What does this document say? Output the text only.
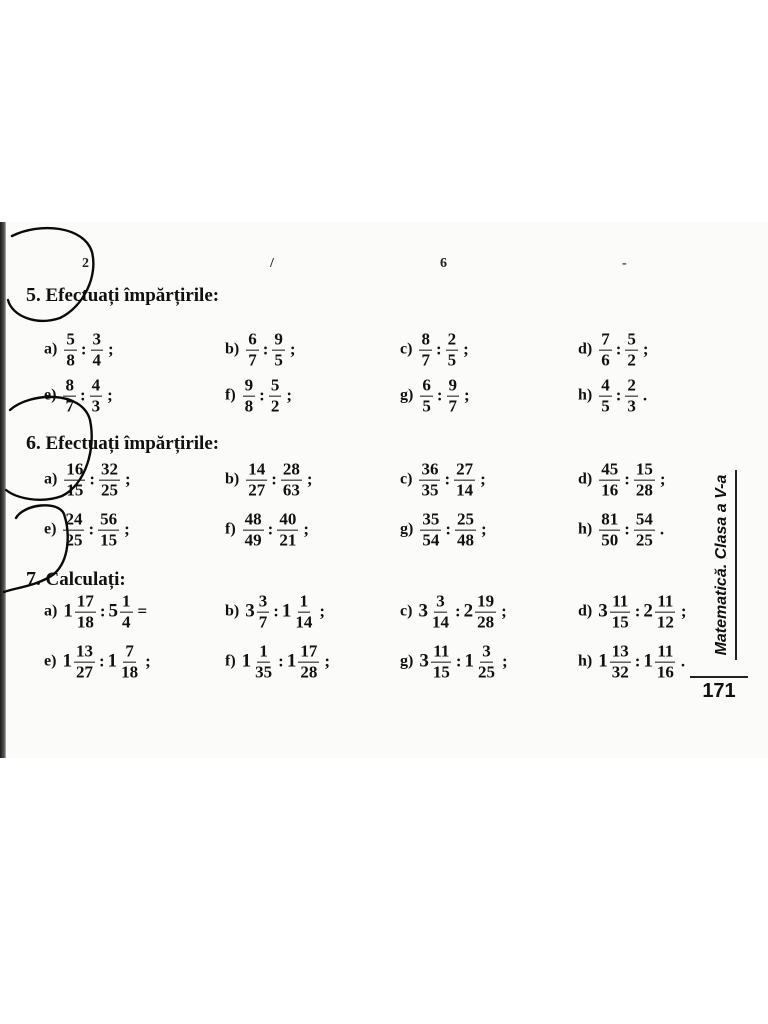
2	/	6	-
5. Efectuați împărțirile:
$a) \frac{5}{8}$ : $\frac{3}{4}$ ;	$b) \frac{6}{7}$ : $\frac{9}{5}$ ;	$c) \frac{8}{7}$ : $\frac{2}{5}$ ;	$d) \frac{7}{6}$ : $\frac{5}{2}$ ;
$e) \frac{8}{7}$ : $\frac{4}{3}$ ;	$f) \frac{9}{8}$ : $\frac{5}{2}$ ;	$g) \frac{6}{5}$ : $\frac{9}{7}$ ;	$h) \frac{4}{5}$ : $\frac{2}{3}$ .
6. Efectuați împărțirile:
$a) \frac{16}{15}$ : $\frac{32}{25}$ ;	$b) \frac{14}{27}$ : $\frac{28}{63}$ ;	$c) \frac{36}{35}$ : $\frac{27}{14}$ ;	$d) \frac{45}{16}$ : $\frac{15}{28}$ ;
$e) \frac{24}{25}$ : $\frac{56}{15}$ ;	$f) \frac{48}{49}$ : $\frac{40}{21}$ ;	$g) \frac{35}{54}$ : $\frac{25}{48}$ ;	$h) \frac{81}{50}$ : $\frac{54}{25}$ .
7. Calculați:
a) $1 \frac{17}{18}$ : $5 \frac{1}{4}$ =	b) $3 \frac{3}{7}$ : $1 \frac{1}{14}$ ;	c) $3 \frac{3}{14}$ : $2 \frac{19}{28}$ ;	d) $3 \frac{11}{15}$ : $2 \frac{11}{12}$ ;
e) $1 \frac{13}{27}$ : $1 \frac{7}{18}$ ;	f) $1 \frac{1}{35}$ : $1 \frac{17}{28}$ ;	g) $3 \frac{11}{15}$ : $1 \frac{3}{25}$ ;	h) $1 \frac{13}{32}$ : $1 \frac{11}{16}$ .
Matematică. Clasa a V-a
171
